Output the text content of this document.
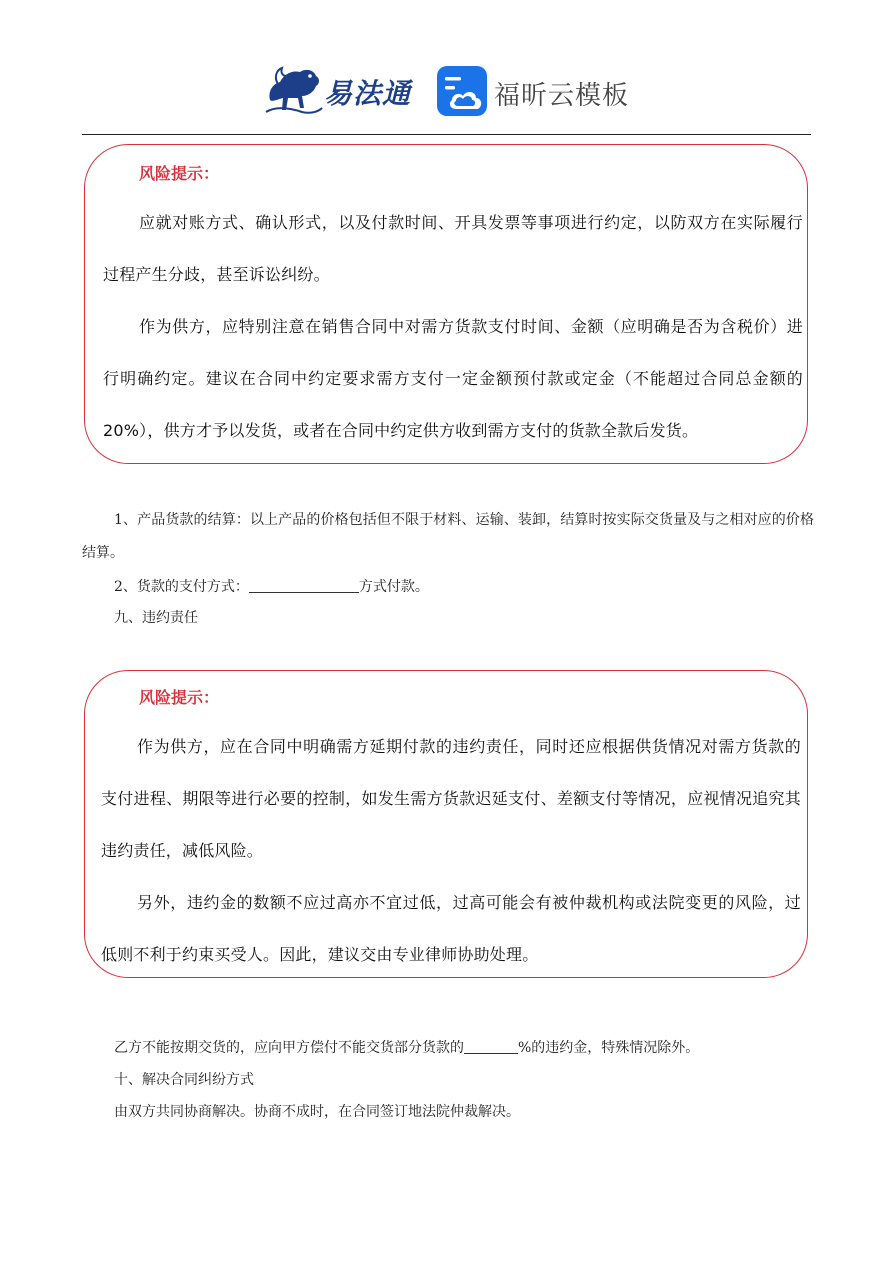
易法通	福昕云模板
风险提示：

应就对账方式、确认形式，以及付款时间、开具发票等事项进行约定，以防双方在实际履行过程产生分歧，甚至诉讼纠纷。

作为供方，应特别注意在销售合同中对需方货款支付时间、金额（应明确是否为含税价）进行明确约定。建议在合同中约定要求需方支付一定金额预付款或定金（不能超过合同总金额的 20%），供方才予以发货，或者在合同中约定供方收到需方支付的货款全款后发货。

1、产品货款的结算：以上产品的价格包括但不限于材料、运输、装卸，结算时按实际交货量及与之相对应的价格结算。

2、货款的支付方式：	方式付款。

九、违约责任

风险提示：

作为供方，应在合同中明确需方延期付款的违约责任，同时还应根据供货情况对需方货款的支付进程、期限等进行必要的控制，如发生需方货款迟延支付、差额支付等情况，应视情况追究其违约责任，减低风险。

另外，违约金的数额不应过高亦不宜过低，过高可能会有被仲裁机构或法院变更的风险，过低则不利于约束买受人。因此，建议交由专业律师协助处理。

乙方不能按期交货的，应向甲方偿付不能交货部分货款的	%的违约金，特殊情况除外。

十、解决合同纠纷方式

由双方共同协商解决。协商不成时，在合同签订地法院仲裁解决。
